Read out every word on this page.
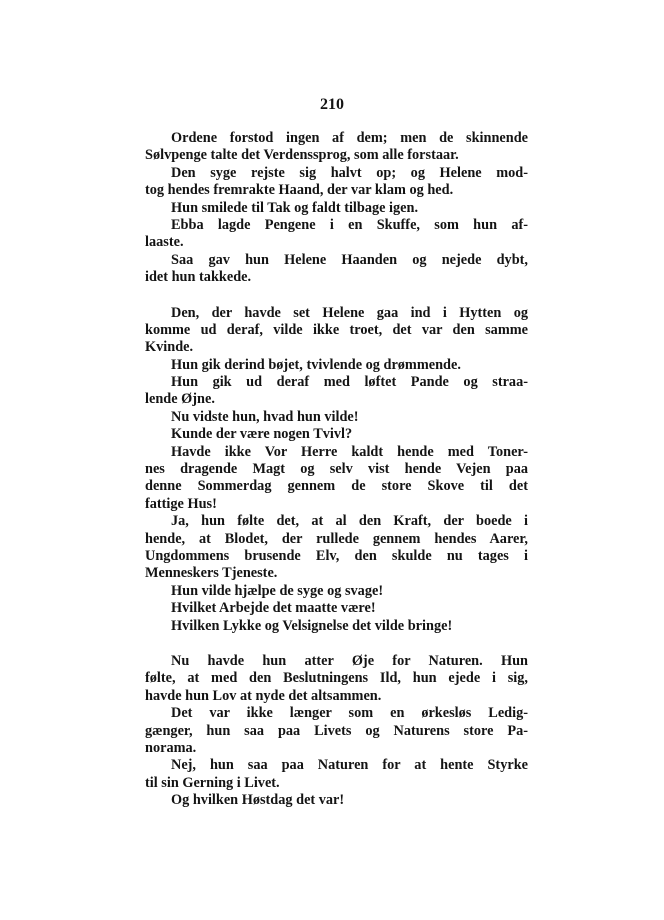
210
Ordene forstod ingen af dem; men de skinnende
Sølvpenge talte det Verdenssprog, som alle forstaar.
Den syge rejste sig halvt op; og Helene mod-
tog hendes fremrakte Haand, der var klam og hed.
Hun smilede til Tak og faldt tilbage igen.
Ebba lagde Pengene i en Skuffe, som hun af-
laaste.
Saa gav hun Helene Haanden og nejede dybt,
idet hun takkede.
Den, der havde set Helene gaa ind i Hytten og
komme ud deraf, vilde ikke troet, det var den samme
Kvinde.
Hun gik derind bøjet, tvivlende og drømmende.
Hun gik ud deraf med løftet Pande og straa-
lende Øjne.
Nu vidste hun, hvad hun vilde!
Kunde der være nogen Tvivl?
Havde ikke Vor Herre kaldt hende med Toner-
nes dragende Magt og selv vist hende Vejen paa
denne Sommerdag gennem de store Skove til det
fattige Hus!
Ja, hun følte det, at al den Kraft, der boede i
hende, at Blodet, der rullede gennem hendes Aarer,
Ungdommens brusende Elv, den skulde nu tages i
Menneskers Tjeneste.
Hun vilde hjælpe de syge og svage!
Hvilket Arbejde det maatte være!
Hvilken Lykke og Velsignelse det vilde bringe!
Nu havde hun atter Øje for Naturen. Hun
følte, at med den Beslutningens Ild, hun ejede i sig,
havde hun Lov at nyde det altsammen.
Det var ikke længer som en ørkesløs Ledig-
gænger, hun saa paa Livets og Naturens store Pa-
norama.
Nej, hun saa paa Naturen for at hente Styrke
til sin Gerning i Livet.
Og hvilken Høstdag det var!
